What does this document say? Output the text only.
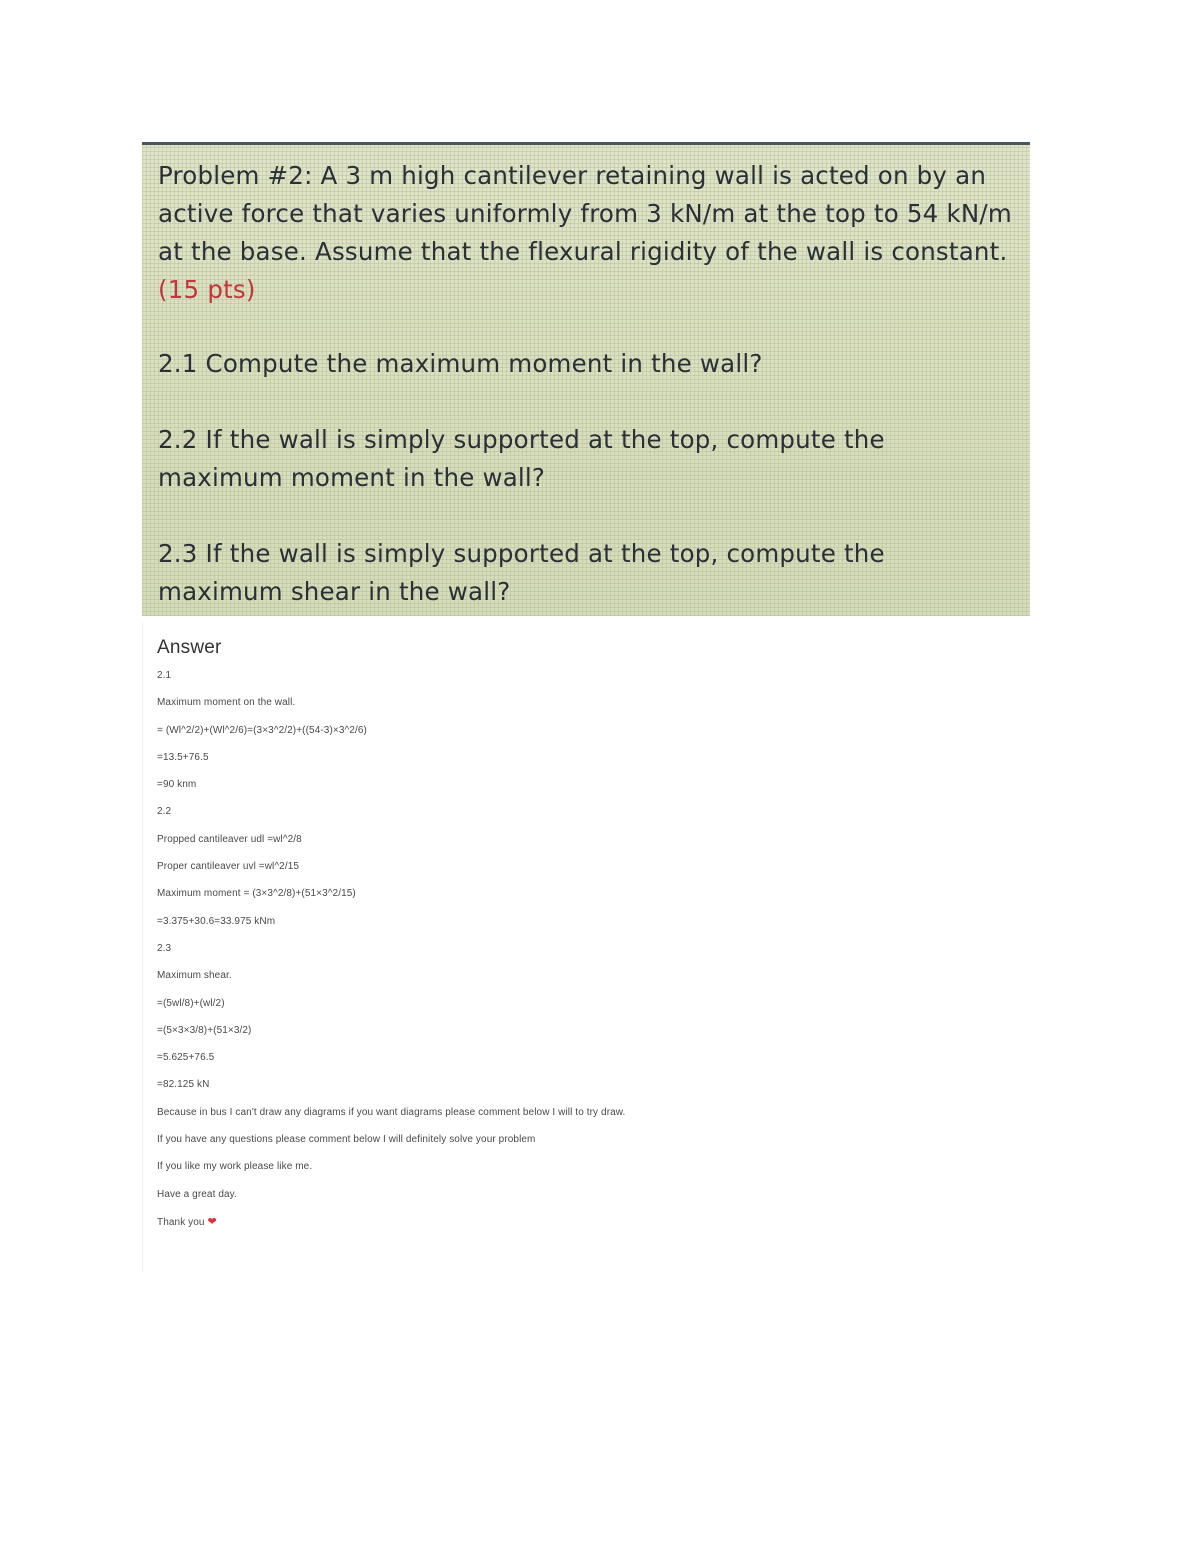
Problem #2: A 3 m high cantilever retaining wall is acted on by an active force that varies uniformly from 3 kN/m at the top to 54 kN/m at the base. Assume that the flexural rigidity of the wall is constant. (15 pts)

2.1 Compute the maximum moment in the wall?

2.2 If the wall is simply supported at the top, compute the maximum moment in the wall?

2.3 If the wall is simply supported at the top, compute the maximum shear in the wall?

Answer
2.1
Maximum moment on the wall.
= (Wl^2/2)+(Wl^2/6)=(3×3^2/2)+((54-3)×3^2/6)
=13.5+76.5
=90 knm
2.2
Propped cantileaver udl =wl^2/8
Proper cantileaver uvl =wl^2/15
Maximum moment = (3×3^2/8)+(51×3^2/15)
=3.375+30.6=33.975 kNm
2.3
Maximum shear.
=(5wl/8)+(wl/2)
=(5×3×3/8)+(51×3/2)
=5.625+76.5
=82.125 kN
Because in bus I can't draw any diagrams if you want diagrams please comment below I will to try draw.
If you have any questions please comment below I will definitely solve your problem
If you like my work please like me.
Have a great day.
Thank you ❤
